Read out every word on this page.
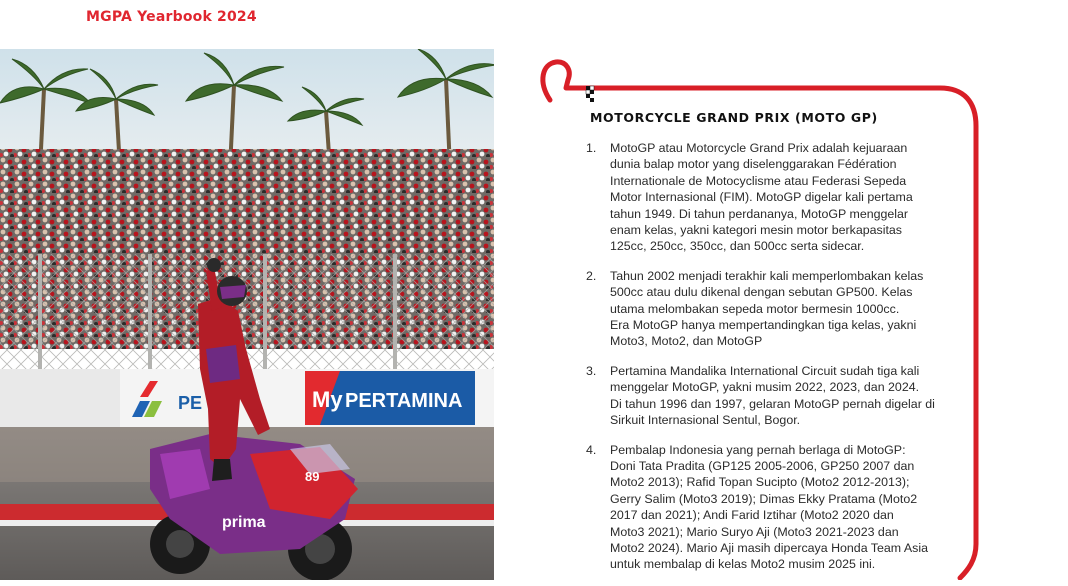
MGPA Yearbook 2024
PE	My PERTAMINA
prima
89
MOTORCYCLE GRAND PRIX (MOTO GP)
1. MotoGP atau Motorcycle Grand Prix adalah kejuaraan
dunia balap motor yang diselenggarakan Fédération
Internationale de Motocyclisme atau Federasi Sepeda
Motor Internasional (FIM). MotoGP digelar kali pertama
tahun 1949. Di tahun perdananya, MotoGP menggelar
enam kelas, yakni kategori mesin motor berkapasitas
125cc, 250cc, 350cc, dan 500cc serta sidecar.
2. Tahun 2002 menjadi terakhir kali memperlombakan kelas
500cc atau dulu dikenal dengan sebutan GP500. Kelas
utama melombakan sepeda motor bermesin 1000cc.
Era MotoGP hanya mempertandingkan tiga kelas, yakni
Moto3, Moto2, dan MotoGP
3. Pertamina Mandalika International Circuit sudah tiga kali
menggelar MotoGP, yakni musim 2022, 2023, dan 2024.
Di tahun 1996 dan 1997, gelaran MotoGP pernah digelar di
Sirkuit Internasional Sentul, Bogor.
4. Pembalap Indonesia yang pernah berlaga di MotoGP:
Doni Tata Pradita (GP125 2005-2006, GP250 2007 dan
Moto2 2013); Rafid Topan Sucipto (Moto2 2012-2013);
Gerry Salim (Moto3 2019); Dimas Ekky Pratama (Moto2
2017 dan 2021); Andi Farid Iztihar (Moto2 2020 dan
Moto3 2021); Mario Suryo Aji (Moto3 2021-2023 dan
Moto2 2024). Mario Aji masih dipercaya Honda Team Asia
untuk membalap di kelas Moto2 musim 2025 ini.
